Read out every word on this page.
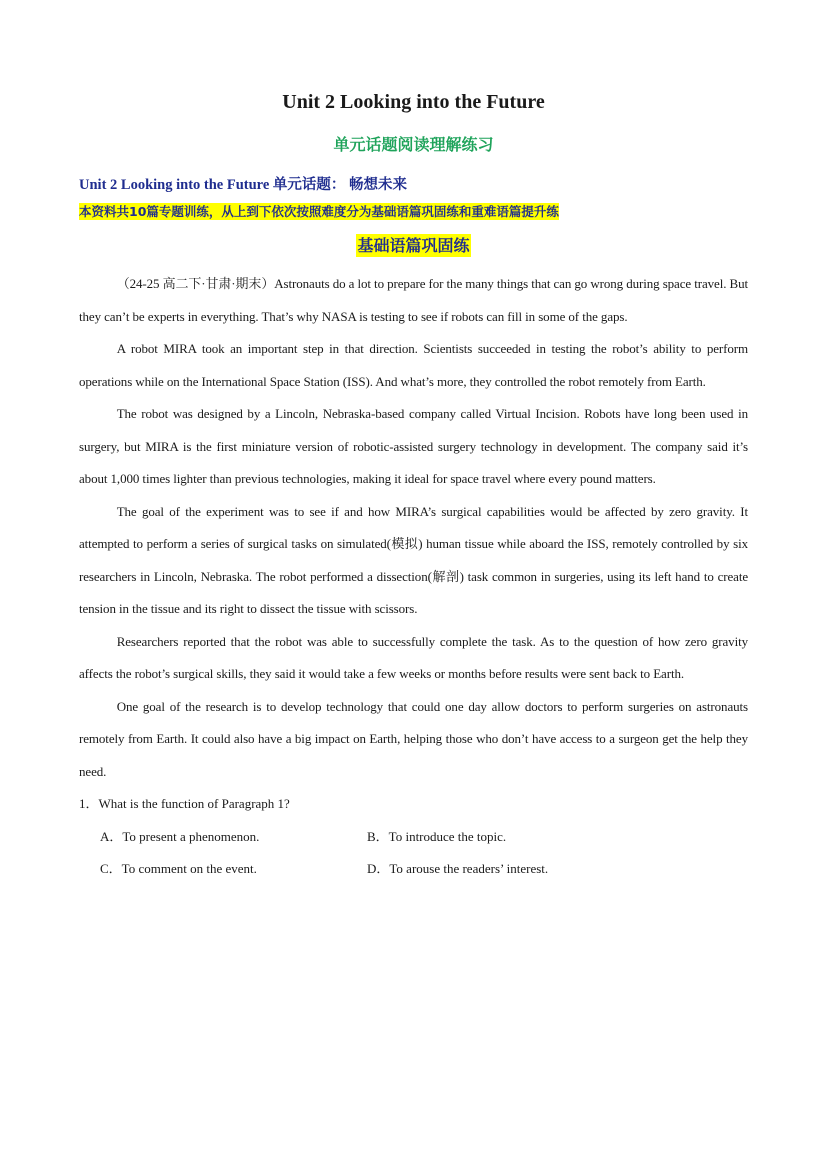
Unit 2 Looking into the Future
单元话题阅读理解练习
Unit 2 Looking into the Future 单元话题： 畅想未来
本资料共10篇专题训练，从上到下依次按照难度分为基础语篇巩固练和重难语篇提升练
基础语篇巩固练

（24-25 高二下·甘肃·期末）Astronauts do a lot to prepare for the many things that can go wrong during space travel. But they can’t be experts in everything. That’s why NASA is testing to see if robots can fill in some of the gaps.

A robot MIRA took an important step in that direction. Scientists succeeded in testing the robot’s ability to perform operations while on the International Space Station (ISS). And what’s more, they controlled the robot remotely from Earth.

The robot was designed by a Lincoln, Nebraska-based company called Virtual Incision. Robots have long been used in surgery, but MIRA is the first miniature version of robotic-assisted surgery technology in development. The company said it’s about 1,000 times lighter than previous technologies, making it ideal for space travel where every pound matters.

The goal of the experiment was to see if and how MIRA’s surgical capabilities would be affected by zero gravity. It attempted to perform a series of surgical tasks on simulated(模拟) human tissue while aboard the ISS, remotely controlled by six researchers in Lincoln, Nebraska. The robot performed a dissection(解剖) task common in surgeries, using its left hand to create tension in the tissue and its right to dissect the tissue with scissors.

Researchers reported that the robot was able to successfully complete the task. As to the question of how zero gravity affects the robot’s surgical skills, they said it would take a few weeks or months before results were sent back to Earth.

One goal of the research is to develop technology that could one day allow doctors to perform surgeries on astronauts remotely from Earth. It could also have a big impact on Earth, helping those who don’t have access to a surgeon get the help they need.

1．What is the function of Paragraph 1?

A．To present a phenomenon.	B．To introduce the topic.
C．To comment on the event.	D．To arouse the readers’ interest.
